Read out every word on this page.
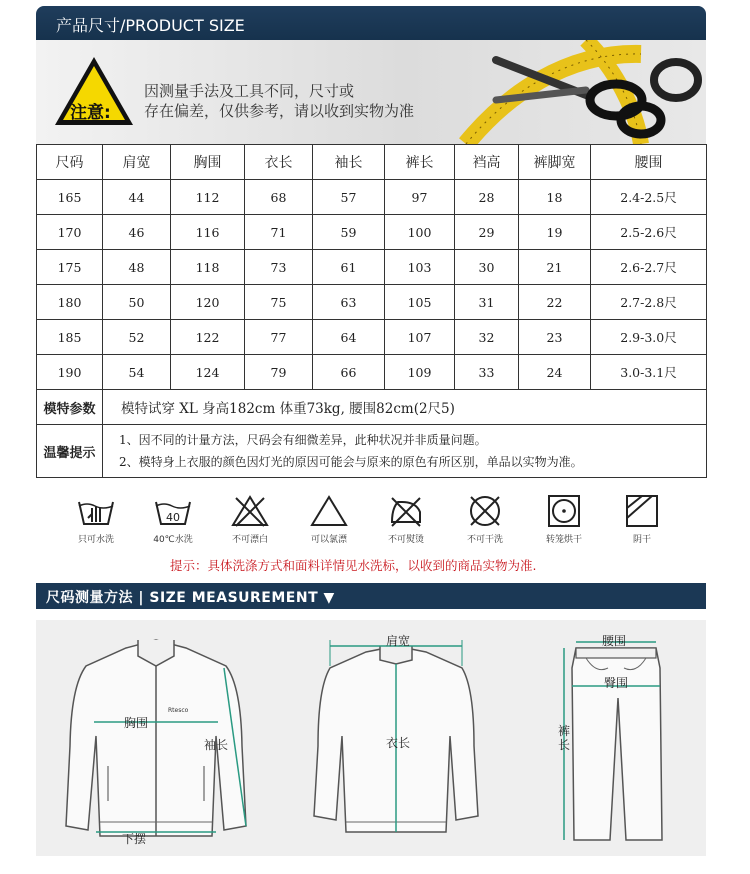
产品尺寸/PRODUCT SIZE
注意:
因测量手法及工具不同，尺寸或
存在偏差，仅供参考，请以收到实物为准
尺码	肩宽	胸围	衣长	袖长	裤长	裆高	裤脚宽	腰围
165	44	112	68	57	97	28	18	2.4-2.5尺
170	46	116	71	59	100	29	19	2.5-2.6尺
175	48	118	73	61	103	30	21	2.6-2.7尺
180	50	120	75	63	105	31	22	2.7-2.8尺
185	52	122	77	64	107	32	23	2.9-3.0尺
190	54	124	79	66	109	33	24	3.0-3.1尺
模特参数	模特试穿 XL 身高182cm 体重73kg, 腰围82cm(2尺5)							
温馨提示	1、因不同的计量方法，尺码会有细微差异，此种状况并非质量问题。
2、模特身上衣服的颜色因灯光的原因可能会与原来的原色有所区别，单品以实物为准。							
只可水洗
40
40℃水洗	不可漂白	可以氯漂	不可熨烫	不可干洗	转笼烘干	阴干
提示：具体洗涤方式和面料详情见水洗标，以收到的商品实物为准.
尺码测量方法 | SIZE MEASUREMENT ▼
Rtesco
胸围
下摆
袖长
肩宽
衣长
腰围
臀围
裤长
